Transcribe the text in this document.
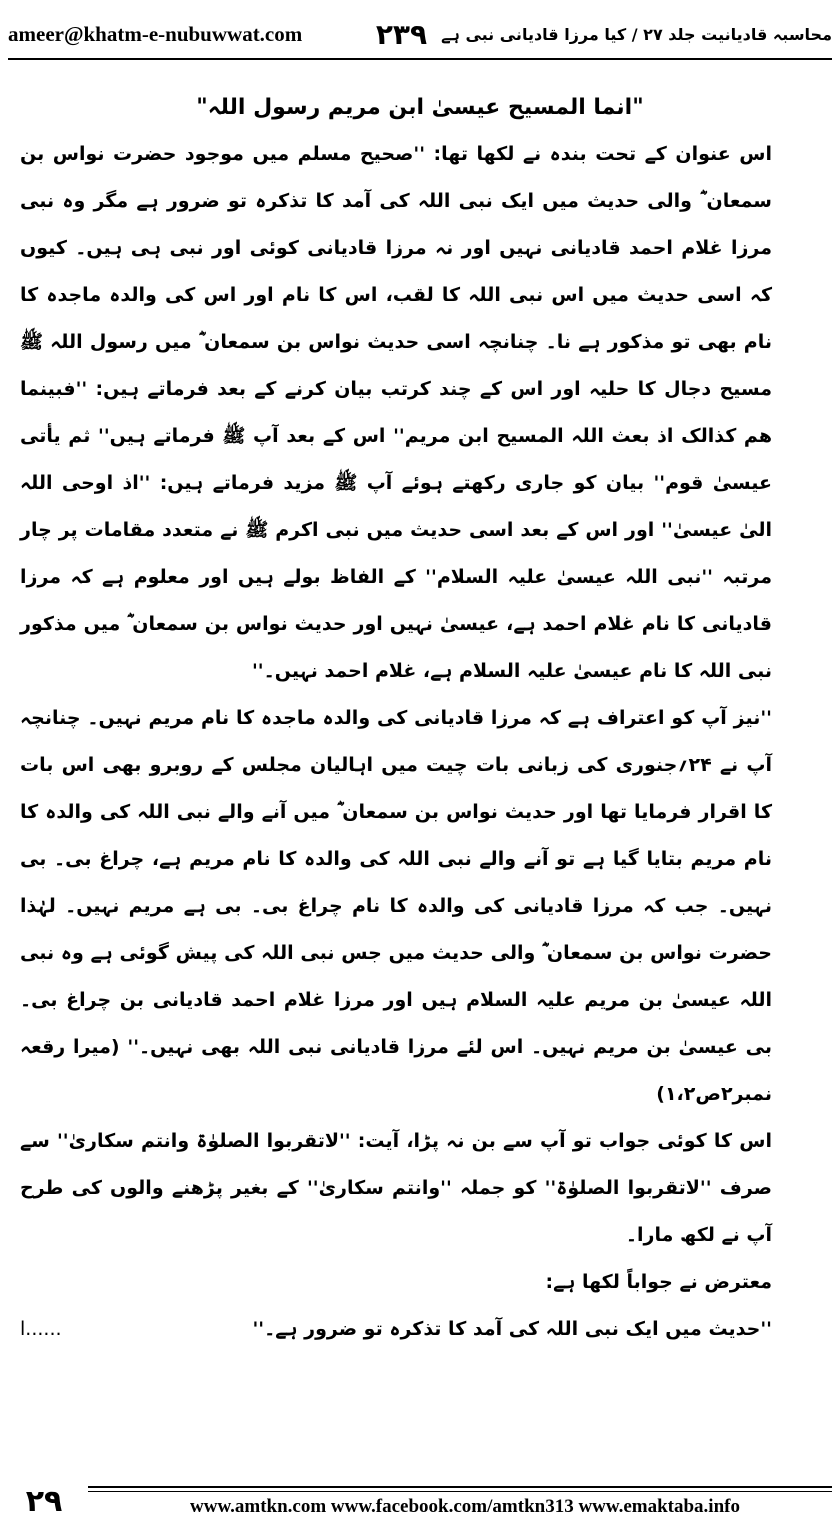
ameer@khatm-e-nubuwwat.com	محاسبہ قادیانیت جلد ۲۷ / کیا مرزا قادیانی نبی ہے
۲۳۹

"انما المسیح عیسیٰ ابن مریم رسول اللہ"

اس عنوان کے تحت بندہ نے لکھا تھا: ''صحیح مسلم میں موجود حضرت نواس بن سمعان ؓ والی حدیث میں ایک نبی اللہ کی آمد کا تذکرہ تو ضرور ہے مگر وہ نبی مرزا غلام احمد قادیانی نہیں اور نہ مرزا قادیانی کوئی اور نبی ہی ہیں۔ کیوں کہ اسی حدیث میں اس نبی اللہ کا لقب، اس کا نام اور اس کی والدہ ماجدہ کا نام بھی تو مذکور ہے نا۔ چنانچہ اسی حدیث نواس بن سمعان ؓ میں رسول اللہ ﷺ مسیح دجال کا حلیہ اور اس کے چند کرتب بیان کرنے کے بعد فرماتے ہیں: ''فبینما ھم کذالک اذ بعث اللہ المسیح ابن مریم'' اس کے بعد آپ ﷺ فرماتے ہیں'' ثم یأتی عیسیٰ قوم'' بیان کو جاری رکھتے ہوئے آپ ﷺ مزید فرماتے ہیں: ''اذ اوحی اللہ الیٰ عیسیٰ'' اور اس کے بعد اسی حدیث میں نبی اکرم ﷺ نے متعدد مقامات پر چار مرتبہ ''نبی اللہ عیسیٰ علیہ السلام'' کے الفاظ بولے ہیں اور معلوم ہے کہ مرزا قادیانی کا نام غلام احمد ہے، عیسیٰ نہیں اور حدیث نواس بن سمعان ؓ میں مذکور نبی اللہ کا نام عیسیٰ علیہ السلام ہے، غلام احمد نہیں۔''

''نیز آپ کو اعتراف ہے کہ مرزا قادیانی کی والدہ ماجدہ کا نام مریم نہیں۔ چنانچہ آپ نے ۲۴؍جنوری کی زبانی بات چیت میں اہالیان مجلس کے روبرو بھی اس بات کا اقرار فرمایا تھا اور حدیث نواس بن سمعان ؓ میں آنے والے نبی اللہ کی والدہ کا نام مریم بتایا گیا ہے تو آنے والے نبی اللہ کی والدہ کا نام مریم ہے، چراغ بی۔ بی نہیں۔ جب کہ مرزا قادیانی کی والدہ کا نام چراغ بی۔ بی ہے مریم نہیں۔ لہٰذا حضرت نواس بن سمعان ؓ والی حدیث میں جس نبی اللہ کی پیش گوئی ہے وہ نبی اللہ عیسیٰ بن مریم علیہ السلام ہیں اور مرزا غلام احمد قادیانی بن چراغ بی۔ بی عیسیٰ بن مریم نہیں۔ اس لئے مرزا قادیانی نبی اللہ بھی نہیں۔'' (میرا رقعہ نمبر۲ص۱،۲)

اس کا کوئی جواب تو آپ سے بن نہ پڑا، آیت: ''لاتقربوا الصلوٰۃ وانتم سکاریٰ'' سے صرف ''لاتقربوا الصلوٰۃ'' کو جملہ ''وانتم سکاریٰ'' کے بغیر پڑھنے والوں کی طرح آپ نے لکھ مارا۔

معترض نے جواباً لکھا ہے:

''حدیث میں ایک نبی اللہ کی آمد کا تذکرہ تو ضرور ہے۔''
ا......
۲۹	www.amtkn.com www.facebook.com/amtkn313 www.emaktaba.info
